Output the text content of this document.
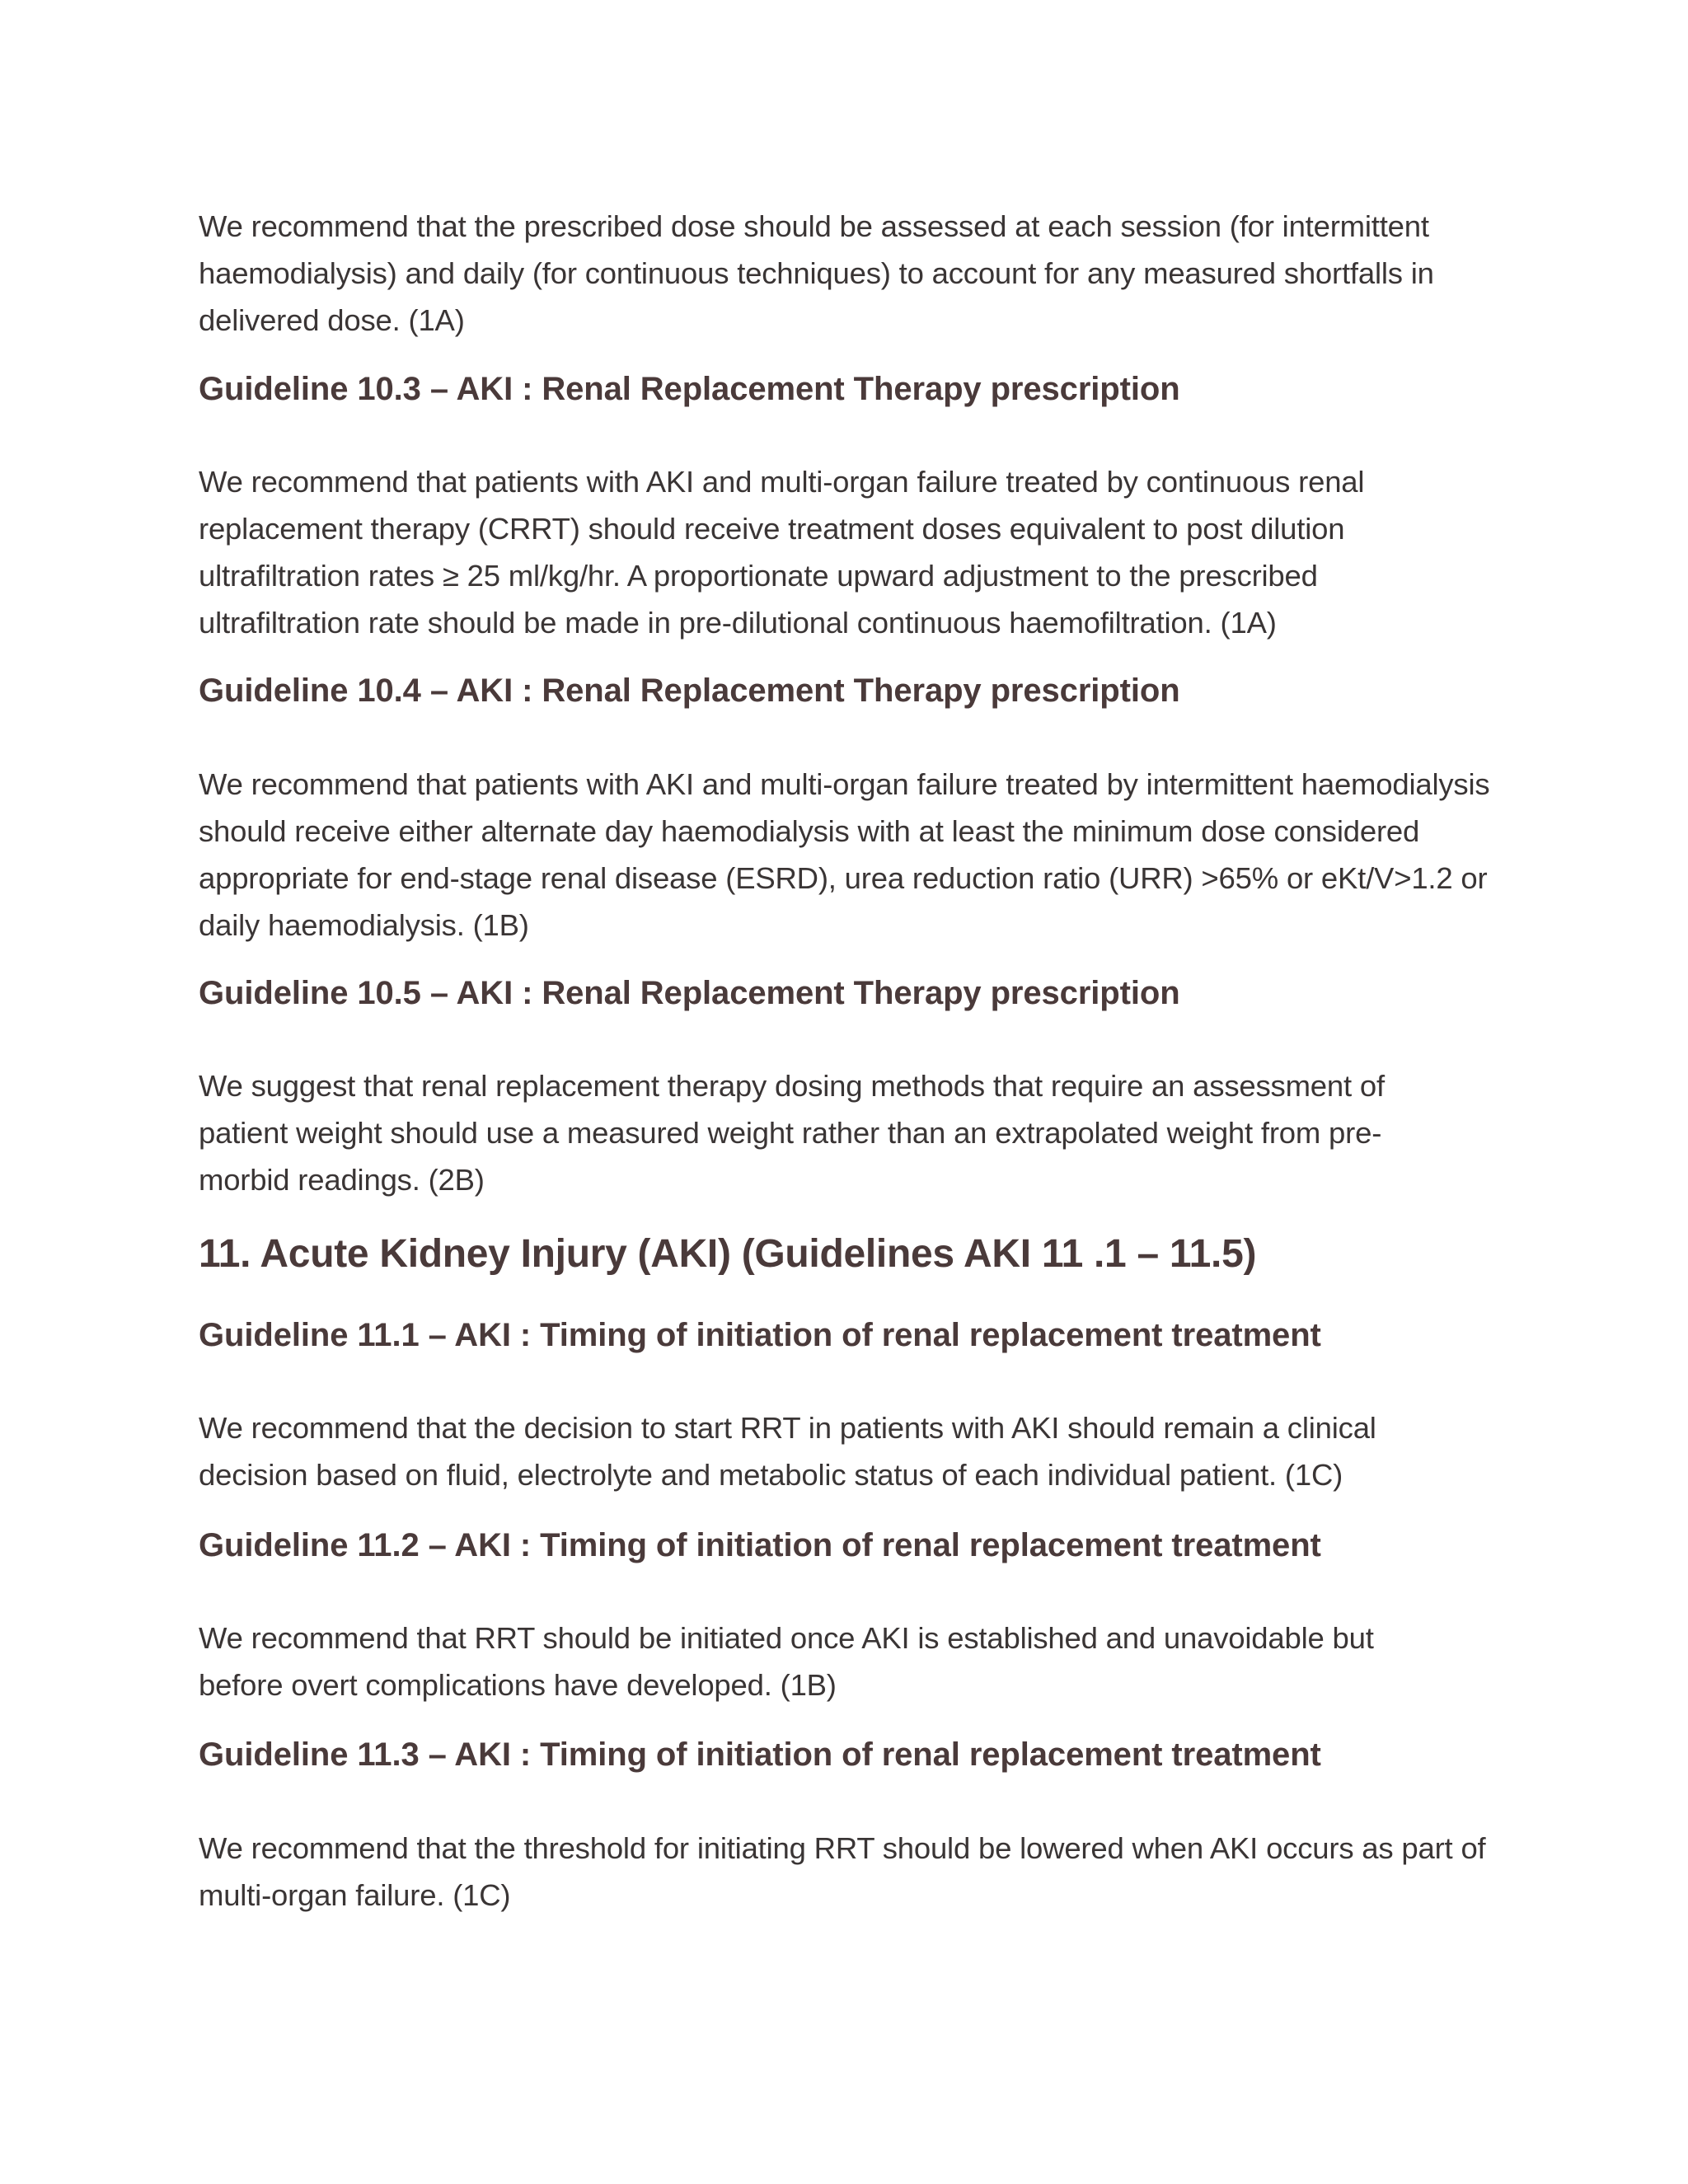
We recommend that the prescribed dose should be assessed at each session (for intermittent haemodialysis) and daily (for continuous techniques) to account for any measured shortfalls in delivered dose. (1A)

Guideline 10.3 – AKI : Renal Replacement Therapy prescription

We recommend that patients with AKI and multi-organ failure treated by continuous renal replacement therapy (CRRT) should receive treatment doses equivalent to post dilution ultrafiltration rates ≥ 25 ml/kg/hr. A proportionate upward adjustment to the prescribed ultrafiltration rate should be made in pre-dilutional continuous haemofiltration. (1A)

Guideline 10.4 – AKI : Renal Replacement Therapy prescription

We recommend that patients with AKI and multi-organ failure treated by intermittent haemodialysis should receive either alternate day haemodialysis with at least the minimum dose considered appropriate for end-stage renal disease (ESRD), urea reduction ratio (URR) >65% or eKt/V>1.2 or daily haemodialysis. (1B)

Guideline 10.5 – AKI : Renal Replacement Therapy prescription

We suggest that renal replacement therapy dosing methods that require an assessment of patient weight should use a measured weight rather than an extrapolated weight from pre-morbid readings. (2B)

11. Acute Kidney Injury (AKI) (Guidelines AKI 11 .1 – 11.5)

Guideline 11.1 – AKI : Timing of initiation of renal replacement treatment

We recommend that the decision to start RRT in patients with AKI should remain a clinical decision based on fluid, electrolyte and metabolic status of each individual patient. (1C)

Guideline 11.2 – AKI : Timing of initiation of renal replacement treatment

We recommend that RRT should be initiated once AKI is established and unavoidable but before overt complications have developed. (1B)

Guideline 11.3 – AKI : Timing of initiation of renal replacement treatment

We recommend that the threshold for initiating RRT should be lowered when AKI occurs as part of multi-organ failure. (1C)
